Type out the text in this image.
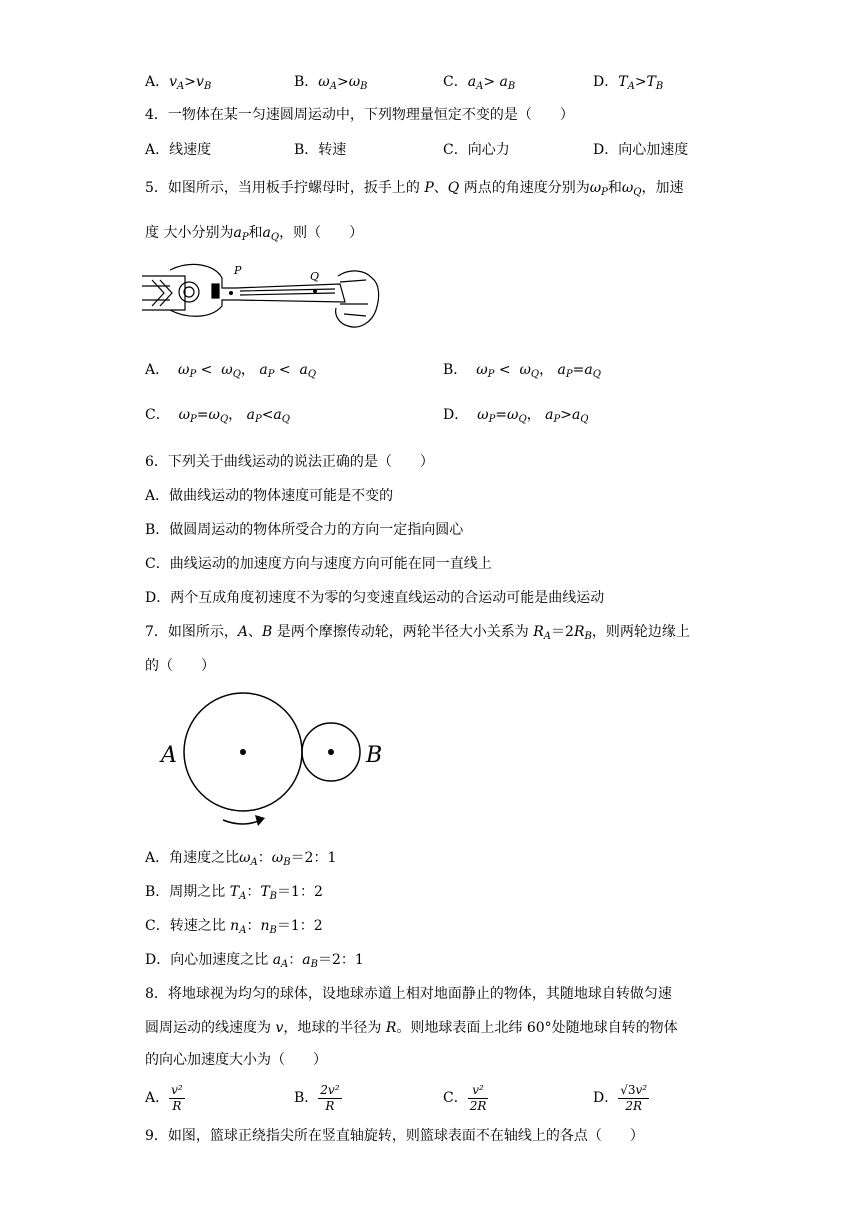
A．$v_A>v_B$	B．$\omega_A>\omega_B$	C．$a_A> a_B$	D．$T_A>T_B$
4．一物体在某一匀速圆周运动中，下列物理量恒定不变的是（　　）
A．线速度	B．转速	C．向心力	D．向心加速度
5．如图所示，当用板手拧螺母时，扳手上的 P、Q 两点的角速度分别为$\omega_P$和$\omega_Q$，加速
度 大小分别为$a_P$和$a_Q$，则（　　）
P	Q
A． $\omega_P < \omega_Q$， $a_P < a_Q$	B． $\omega_P < \omega_Q$， $a_P=a_Q$
C． $\omega_P=\omega_Q$， $a_P<a_Q$	D． $\omega_P=\omega_Q$， $a_P>a_Q$
6．下列关于曲线运动的说法正确的是（　　）
A．做曲线运动的物体速度可能是不变的
B．做圆周运动的物体所受合力的方向一定指向圆心
C．曲线运动的加速度方向与速度方向可能在同一直线上
D．两个互成角度初速度不为零的匀变速直线运动的合运动可能是曲线运动
7．如图所示，A、B 是两个摩擦传动轮，两轮半径大小关系为 $R_A=2R_B$，则两轮边缘上
的（　　）
A	B
A．角速度之比$\omega_A$：$\omega_B=2$：1
B．周期之比 $T_A$：$T_B=1$：2
C．转速之比 $n_A$：$n_B=1$：2
D．向心加速度之比 $a_A$：$a_B=2$：1
8．将地球视为均匀的球体，设地球赤道上相对地面静止的物体，其随地球自转做匀速
圆周运动的线速度为 v，地球的半径为 R。则地球表面上北纬 60°处随地球自转的物体
的向心加速度大小为（　　）
A． $\frac{\text{v²}}{R}$	B． $\frac{\text{2v²}}{R}$	C． $\frac{\text{v²}}{2R}$	D． $\frac{\text{√3v²}}{2R}$
9．如图，篮球正绕指尖所在竖直轴旋转，则篮球表面不在轴线上的各点（　　）
